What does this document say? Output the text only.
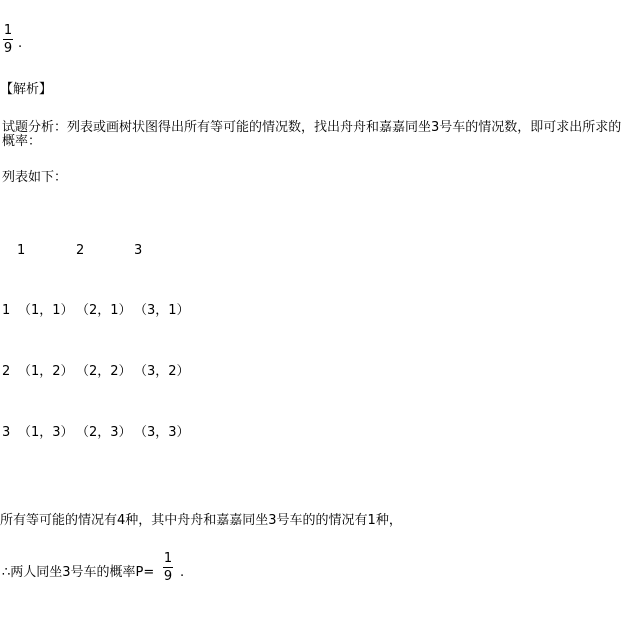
1
9 .
【解析】
试题分析：列表或画树状图得出所有等可能的情况数，找出舟舟和嘉嘉同坐3号车的情况数，即可求出所求的概率：
列表如下：
1	2	3
1 （1，1） （2，1） （3，1）
2 （1，2） （2，2） （3，2）
3 （1，3） （2，3） （3，3）
所有等可能的情况有4种，其中舟舟和嘉嘉同坐3号车的的情况有1种，
∴两人同坐3号车的概率P=
1
9 .
